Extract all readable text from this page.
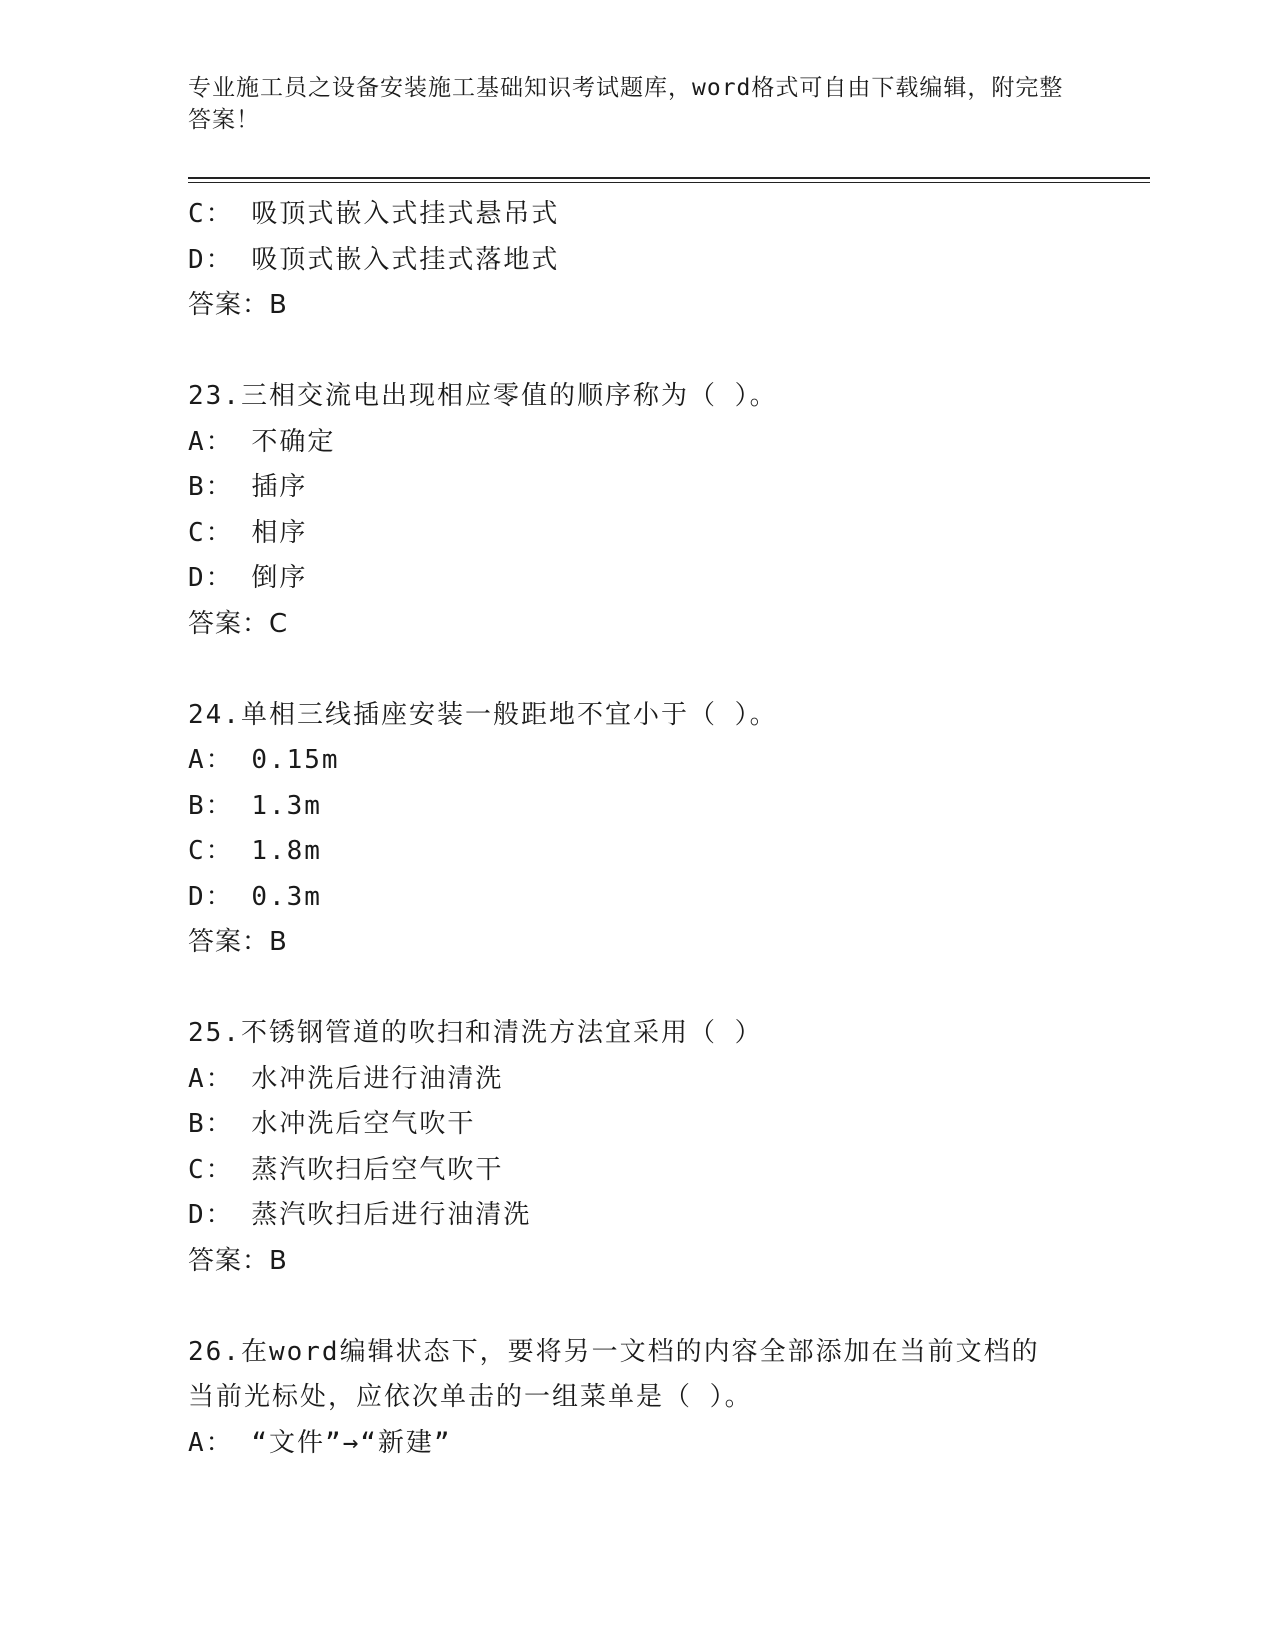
专业施工员之设备安装施工基础知识考试题库，word格式可自由下载编辑，附完整答案！
C： 吸顶式嵌入式挂式悬吊式
D： 吸顶式嵌入式挂式落地式
答案：B
23.三相交流电出现相应零值的顺序称为（ ）。
A： 不确定
B： 插序
C： 相序
D： 倒序
答案：C
24.单相三线插座安装一般距地不宜小于（ ）。
A： 0.15m
B： 1.3m
C： 1.8m
D： 0.3m
答案：B
25.不锈钢管道的吹扫和清洗方法宜采用（ ）
A： 水冲洗后进行油清洗
B： 水冲洗后空气吹干
C： 蒸汽吹扫后空气吹干
D： 蒸汽吹扫后进行油清洗
答案：B
26.在word编辑状态下，要将另一文档的内容全部添加在当前文档的
当前光标处，应依次单击的一组菜单是（ ）。
A： “文件”→“新建”
